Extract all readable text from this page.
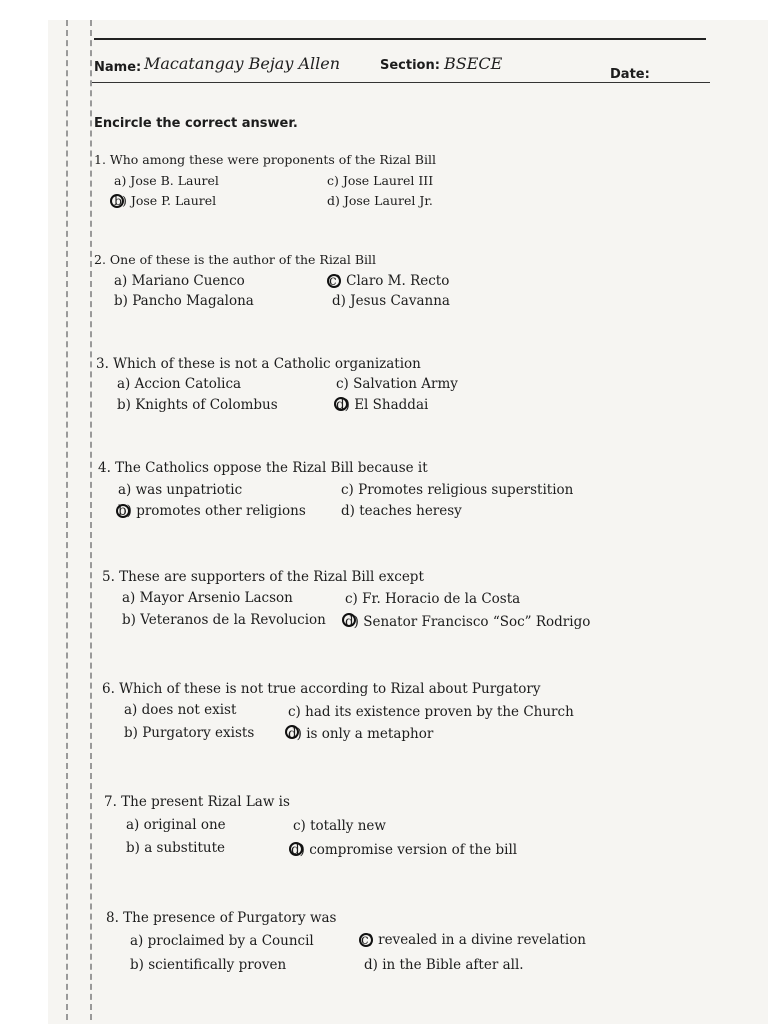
Name: Macatangay Bejay Allen	Section: BSECE
Date:
Encircle the correct answer.
1. Who among these were proponents of the Rizal Bill
a) Jose B. Laurel	c) Jose Laurel III
b) Jose P. Laurel	d) Jose Laurel Jr.
2. One of these is the author of the Rizal Bill
a) Mariano Cuenco	c) Claro M. Recto
b) Pancho Magalona	d) Jesus Cavanna
3. Which of these is not a Catholic organization
a) Accion Catolica	c) Salvation Army
b) Knights of Colombus	d) El Shaddai
4. The Catholics oppose the Rizal Bill because it
a) was unpatriotic	c) Promotes religious superstition
b) promotes other religions	d) teaches heresy
5. These are supporters of the Rizal Bill except
a) Mayor Arsenio Lacson	c) Fr. Horacio de la Costa
b) Veteranos de la Revolucion d) Senator Francisco “Soc” Rodrigo
6. Which of these is not true according to Rizal about Purgatory
a) does not exist	c) had its existence proven by the Church
b) Purgatory exists	d) is only a metaphor
7. The present Rizal Law is
a) original one	c) totally new
b) a substitute	d) compromise version of the bill
8. The presence of Purgatory was
a) proclaimed by a Council	c) revealed in a divine revelation
b) scientifically proven	d) in the Bible after all.
